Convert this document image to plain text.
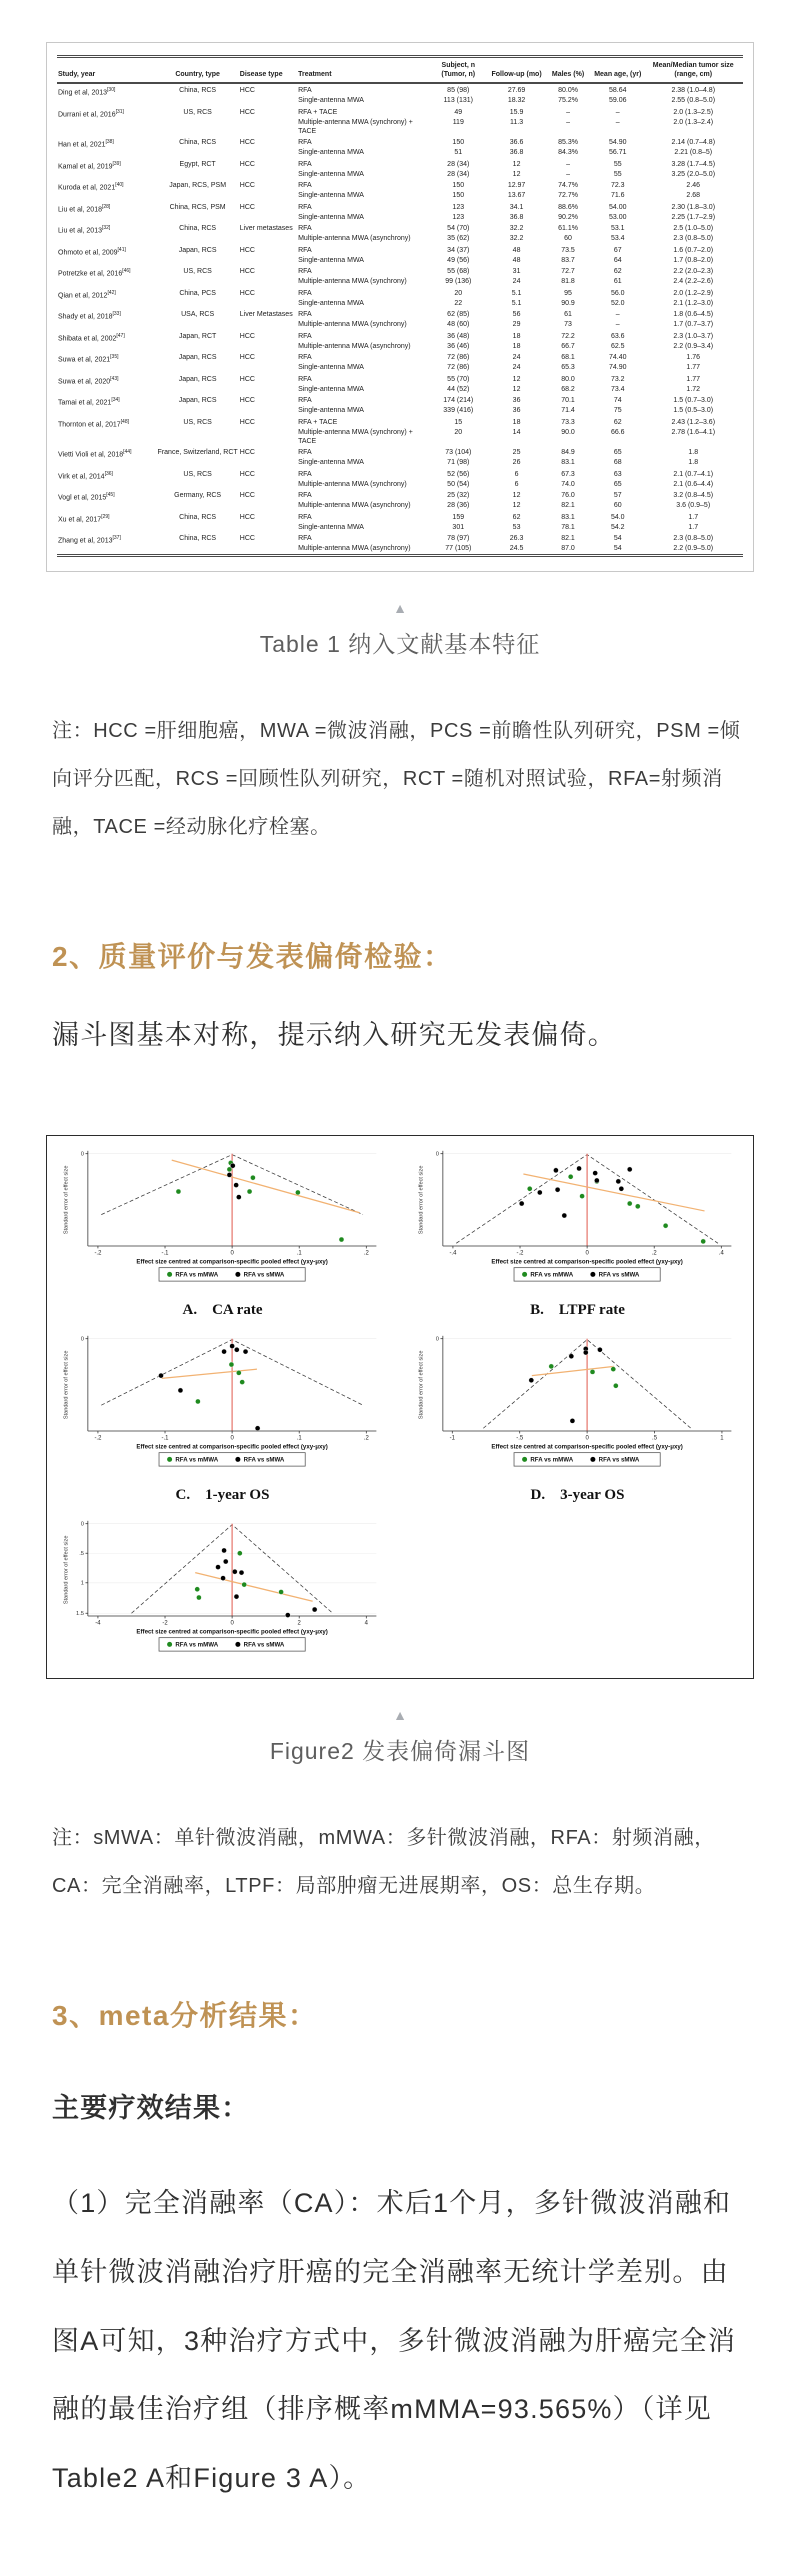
Study, year	Country, type	Disease type	Treatment	Subject, n (Tumor, n)	Follow-up (mo)	Males (%)	Mean age, (yr)	Mean/Median tumor size (range, cm)
Ding et al, 2013[30]	China, RCS	HCC	RFA	85 (98)	27.69	80.0%	58.64	2.38 (1.0–4.8)
			Single-antenna MWA	113 (131)	18.32	75.2%	59.06	2.55 (0.8–5.0)
Durrani et al, 2016[31]	US, RCS	HCC	RFA + TACE	49	15.9	–	–	2.0 (1.3–2.5)
			Multiple-antenna MWA (synchrony) + TACE	119	11.3	–	–	2.0 (1.3–2.4)
Han et al, 2021[38]	China, RCS	HCC	RFA	150	36.6	85.3%	54.90	2.14 (0.7–4.8)
			Single-antenna MWA	51	36.8	84.3%	56.71	2.21 (0.8–5)
Kamal et al, 2019[39]	Egypt, RCT	HCC	RFA	28 (34)	12	–	55	3.28 (1.7–4.5)
			Single-antenna MWA	28 (34)	12	–	55	3.25 (2.0–5.0)
Kuroda et al, 2021[40]	Japan, RCS, PSM	HCC	RFA	150	12.97	74.7%	72.3	2.46
			Single-antenna MWA	150	13.67	72.7%	71.6	2.68
Liu et al, 2018[28]	China, RCS, PSM	HCC	RFA	123	34.1	88.6%	54.00	2.30 (1.8–3.0)
			Single-antenna MWA	123	36.8	90.2%	53.00	2.25 (1.7–2.9)
Liu et al, 2013[32]	China, RCS	Liver metastases	RFA	54 (70)	32.2	61.1%	53.1	2.5 (1.0–5.0)
			Multiple-antenna MWA (asynchrony)	35 (62)	32.2	60	53.4	2.3 (0.8–5.0)
Ohmoto et al, 2009[41]	Japan, RCS	HCC	RFA	34 (37)	48	73.5	67	1.6 (0.7–2.0)
			Single-antenna MWA	49 (56)	48	83.7	64	1.7 (0.8–2.0)
Potretzke et al, 2016[46]	US, RCS	HCC	RFA	55 (68)	31	72.7	62	2.2 (2.0–2.3)
			Multiple-antenna MWA (synchrony)	99 (136)	24	81.8	61	2.4 (2.2–2.6)
Qian et al, 2012[42]	China, PCS	HCC	RFA	20	5.1	95	56.0	2.0 (1.2–2.9)
			Single-antenna MWA	22	5.1	90.9	52.0	2.1 (1.2–3.0)
Shady et al, 2018[33]	USA, RCS	Liver Metastases	RFA	62 (85)	56	61	–	1.8 (0.6–4.5)
			Multiple-antenna MWA (synchrony)	48 (60)	29	73	–	1.7 (0.7–3.7)
Shibata et al, 2002[47]	Japan, RCT	HCC	RFA	36 (48)	18	72.2	63.6	2.3 (1.0–3.7)
			Multiple-antenna MWA (asynchrony)	36 (46)	18	66.7	62.5	2.2 (0.9–3.4)
Suwa et al, 2021[35]	Japan, RCS	HCC	RFA	72 (86)	24	68.1	74.40	1.76
			Single-antenna MWA	72 (86)	24	65.3	74.90	1.77
Suwa et al, 2020[43]	Japan, RCS	HCC	RFA	55 (70)	12	80.0	73.2	1.77
			Single-antenna MWA	44 (52)	12	68.2	73.4	1.72
Tamai et al, 2021[34]	Japan, RCS	HCC	RFA	174 (214)	36	70.1	74	1.5 (0.7–3.0)
			Single-antenna MWA	339 (416)	36	71.4	75	1.5 (0.5–3.0)
Thornton et al, 2017[48]	US, RCS	HCC	RFA + TACE	15	18	73.3	62	2.43 (1.2–3.6)
			Multiple-antenna MWA (synchrony) + TACE	20	14	90.0	66.6	2.78 (1.6–4.1)
Vietti Violi et al, 2018[44]	France, Switzerland, RCT	HCC	RFA	73 (104)	25	84.9	65	1.8
			Single-antenna MWA	71 (98)	26	83.1	68	1.8
Virk et al, 2014[36]	US, RCS	HCC	RFA	52 (56)	6	67.3	63	2.1 (0.7–4.1)
			Multiple-antenna MWA (synchrony)	50 (54)	6	74.0	65	2.1 (0.6–4.4)
Vogl et al, 2015[45]	Germany, RCS	HCC	RFA	25 (32)	12	76.0	57	3.2 (0.8–4.5)
			Multiple-antenna MWA (asynchrony)	28 (36)	12	82.1	60	3.6 (0.9–5)
Xu et al, 2017[29]	China, RCS	HCC	RFA	159	62	83.1	54.0	1.7
			Single-antenna MWA	301	53	78.1	54.2	1.7
Zhang et al, 2013[37]	China, RCS	HCC	RFA	78 (97)	26.3	82.1	54	2.3 (0.8–5.0)
			Multiple-antenna MWA (asynchrony)	77 (105)	24.5	87.0	54	2.2 (0.9–5.0)
▲
Table 1 纳入文献基本特征

注：HCC =肝细胞癌，MWA =微波消融，PCS =前瞻性队列研究，PSM =倾向评分匹配，RCS =回顾性队列研究，RCT =随机对照试验，RFA=射频消融，TACE =经动脉化疗栓塞。

2、质量评价与发表偏倚检验：

漏斗图基本对称，提示纳入研究无发表偏倚。

0
-.2	-.1	0	.1	.2
Standard error of effect size
Effect size centred at comparison-specific pooled effect (yxy-μxy)
RFA vs mMWA	RFA vs sMWA
A.    CA rate
0
-.4	-.2	0	.2	.4
Standard error of effect size
Effect size centred at comparison-specific pooled effect (yxy-μxy)
RFA vs mMWA	RFA vs sMWA
B.    LTPF rate
0
-.2	-.1	0	.1	.2
Standard error of effect size
Effect size centred at comparison-specific pooled effect (yxy-μxy)
RFA vs mMWA	RFA vs sMWA
C.    1-year OS
0
-1	-.5	0	.5	1
Standard error of effect size
Effect size centred at comparison-specific pooled effect (yxy-μxy)
RFA vs mMWA	RFA vs sMWA
D.    3-year OS
0
.5
1
1.5
-4	-2	0	2	4
Standard error of effect size
Effect size centred at comparison-specific pooled effect (yxy-μxy)
RFA vs mMWA	RFA vs sMWA
▲
Figure2 发表偏倚漏斗图

注：sMWA：单针微波消融，mMWA：多针微波消融，RFA：射频消融，CA：完全消融率，LTPF：局部肿瘤无进展期率，OS：总生存期。

3、meta分析结果：

主要疗效结果：

（1）完全消融率（CA）：术后1个月，多针微波消融和单针微波消融治疗肝癌的完全消融率无统计学差别。由图A可知，3种治疗方式中，多针微波消融为肝癌完全消融的最佳治疗组（排序概率mMMA=93.565%）（详见Table2 A和Figure 3 A）。
